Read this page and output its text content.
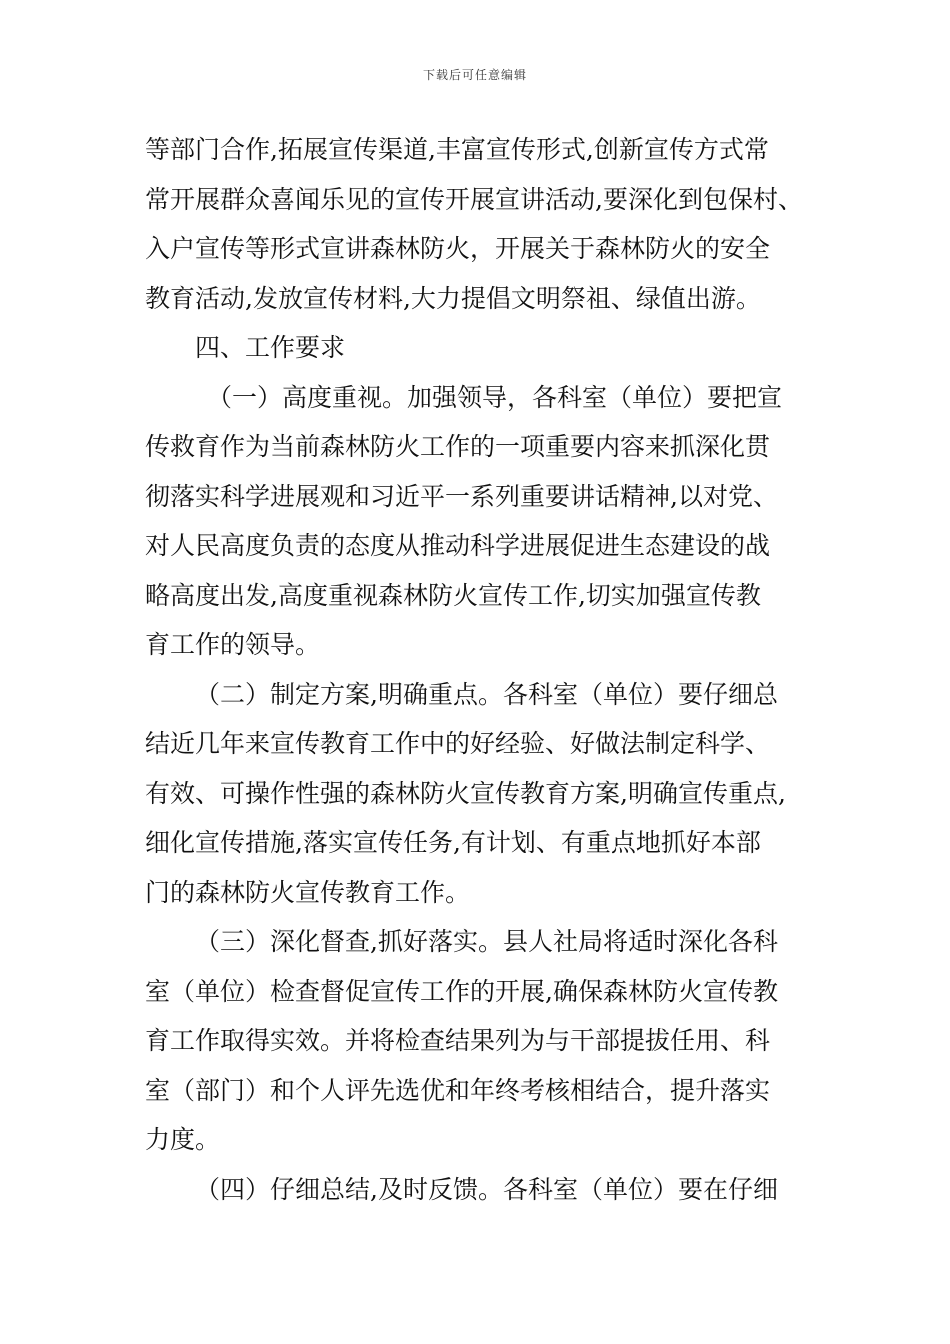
下载后可任意编辑
等部门合作,拓展宣传渠道,丰富宣传形式,创新宣传方式常
常开展群众喜闻乐见的宣传开展宣讲活动,要深化到包保村、
入户宣传等形式宣讲森林防火，开展关于森林防火的安全
教育活动,发放宣传材料,大力提倡文明祭祖、绿值出游。
四、工作要求
（一）高度重视。加强领导，各科室（单位）要把宣
传救育作为当前森林防火工作的一项重要内容来抓深化贯
彻落实科学进展观和习近平一系列重要讲话精神,以对党、
对人民高度负责的态度从推动科学进展促进生态建设的战
略高度出发,高度重视森林防火宣传工作,切实加强宣传教
育工作的领导。
（二）制定方案,明确重点。各科室（单位）要仔细总
结近几年来宣传教育工作中的好经验、好做法制定科学、
有效、可操作性强的森林防火宣传教育方案,明确宣传重点,
细化宣传措施,落实宣传任务,有计划、有重点地抓好本部
门的森林防火宣传教育工作。
（三）深化督查,抓好落实。县人社局将适时深化各科
室（单位）检查督促宣传工作的开展,确保森林防火宣传教
育工作取得实效。并将检查结果列为与干部提拔任用、科
室（部门）和个人评先选优和年终考核相结合，提升落实
力度。
（四）仔细总结,及时反馈。各科室（单位）要在仔细
